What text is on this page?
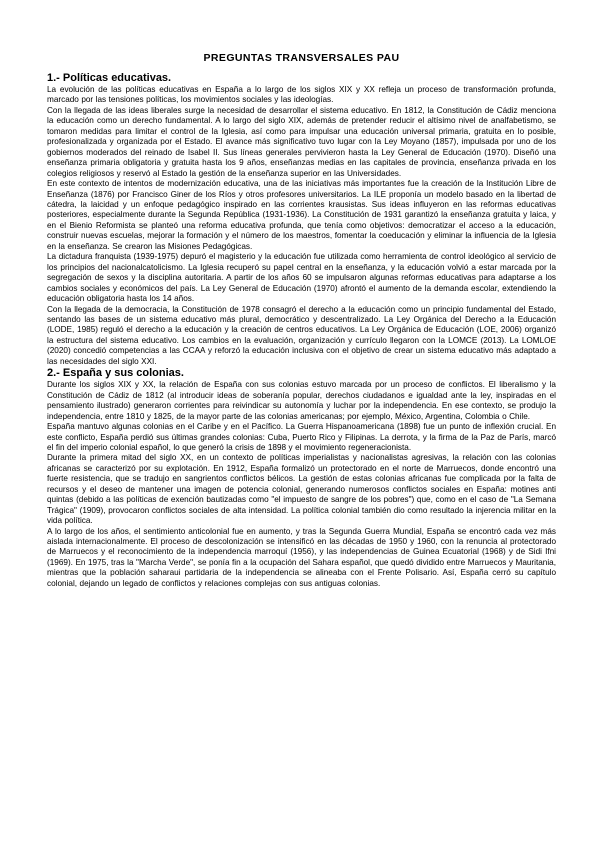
PREGUNTAS TRANSVERSALES PAU
1.- Políticas educativas.

La evolución de las políticas educativas en España a lo largo de los siglos XIX y XX refleja un proceso de transformación profunda, marcado por las tensiones políticas, los movimientos sociales y las ideologías.

Con la llegada de las ideas liberales surge la necesidad de desarrollar el sistema educativo. En 1812, la Constitución de Cádiz menciona la educación como un derecho fundamental. A lo largo del siglo XIX, además de pretender reducir el altísimo nivel de analfabetismo, se tomaron medidas para limitar el control de la Iglesia, así como para impulsar una educación universal primaria, gratuita en lo posible, profesionalizada y organizada por el Estado. El avance más significativo tuvo lugar con la Ley Moyano (1857), impulsada por uno de los gobiernos moderados del reinado de Isabel II. Sus líneas generales pervivieron hasta la Ley General de Educación (1970). Diseñó una enseñanza primaria obligatoria y gratuita hasta los 9 años, enseñanzas medias en las capitales de provincia, enseñanza privada en los colegios religiosos y reservó al Estado la gestión de la enseñanza superior en las Universidades.

En este contexto de intentos de modernización educativa, una de las iniciativas más importantes fue la creación de la Institución Libre de Enseñanza (1876) por Francisco Giner de los Ríos y otros profesores universitarios. La ILE proponía un modelo basado en la libertad de cátedra, la laicidad y un enfoque pedagógico inspirado en las corrientes krausistas. Sus ideas influyeron en las reformas educativas posteriores, especialmente durante la Segunda República (1931-1936). La Constitución de 1931 garantizó la enseñanza gratuita y laica, y en el Bienio Reformista se planteó una reforma educativa profunda, que tenía como objetivos: democratizar el acceso a la educación, construir nuevas escuelas, mejorar la formación y el número de los maestros, fomentar la coeducación y eliminar la influencia de la Iglesia en la enseñanza. Se crearon las Misiones Pedagógicas.

La dictadura franquista (1939-1975) depuró el magisterio y la educación fue utilizada como herramienta de control ideológico al servicio de los principios del nacionalcatolicismo. La Iglesia recuperó su papel central en la enseñanza, y la educación volvió a estar marcada por la segregación de sexos y la disciplina autoritaria. A partir de los años 60 se impulsaron algunas reformas educativas para adaptarse a los cambios sociales y económicos del país. La Ley General de Educación (1970) afrontó el aumento de la demanda escolar, extendiendo la educación obligatoria hasta los 14 años.

Con la llegada de la democracia, la Constitución de 1978 consagró el derecho a la educación como un principio fundamental del Estado, sentando las bases de un sistema educativo más plural, democrático y descentralizado. La Ley Orgánica del Derecho a la Educación (LODE, 1985) reguló el derecho a la educación y la creación de centros educativos. La Ley Orgánica de Educación (LOE, 2006) organizó la estructura del sistema educativo. Los cambios en la evaluación, organización y currículo llegaron con la LOMCE (2013). La LOMLOE (2020) concedió competencias a las CCAA y reforzó la educación inclusiva con el objetivo de crear un sistema educativo más adaptado a las necesidades del siglo XXI.

2.- España y sus colonias.

Durante los siglos XIX y XX, la relación de España con sus colonias estuvo marcada por un proceso de conflictos. El liberalismo y la Constitución de Cádiz de 1812 (al introducir ideas de soberanía popular, derechos ciudadanos e igualdad ante la ley, inspiradas en el pensamiento ilustrado) generaron corrientes para reivindicar su autonomía y luchar por la independencia. En ese contexto, se produjo la independencia, entre 1810 y 1825, de la mayor parte de las colonias americanas; por ejemplo, México, Argentina, Colombia o Chile.

España mantuvo algunas colonias en el Caribe y en el Pacífico. La Guerra Hispanoamericana (1898) fue un punto de inflexión crucial. En este conflicto, España perdió sus últimas grandes colonias: Cuba, Puerto Rico y Filipinas. La derrota, y la firma de la Paz de París, marcó el fin del imperio colonial español, lo que generó la crisis de 1898 y el movimiento regeneracionista.

Durante la primera mitad del siglo XX, en un contexto de políticas imperialistas y nacionalistas agresivas, la relación con las colonias africanas se caracterizó por su explotación. En 1912, España formalizó un protectorado en el norte de Marruecos, donde encontró una fuerte resistencia, que se tradujo en sangrientos conflictos bélicos. La gestión de estas colonias africanas fue complicada por la falta de recursos y el deseo de mantener una imagen de potencia colonial, generando numerosos conflictos sociales en España: motines anti quintas (debido a las políticas de exención bautizadas como "el impuesto de sangre de los pobres") que, como en el caso de "La Semana Trágica" (1909), provocaron conflictos sociales de alta intensidad. La política colonial también dio como resultado la injerencia militar en la vida política.

A lo largo de los años, el sentimiento anticolonial fue en aumento, y tras la Segunda Guerra Mundial, España se encontró cada vez más aislada internacionalmente. El proceso de descolonización se intensificó en las décadas de 1950 y 1960, con la renuncia al protectorado de Marruecos y el reconocimiento de la independencia marroquí (1956), y las independencias de Guinea Ecuatorial (1968) y de Sidi Ifni (1969). En 1975, tras la "Marcha Verde", se ponía fin a la ocupación del Sahara español, que quedó dividido entre Marruecos y Mauritania, mientras que la población saharaui partidaria de la independencia se alineaba con el Frente Polisario. Así, España cerró su capítulo colonial, dejando un legado de conflictos y relaciones complejas con sus antiguas colonias.
